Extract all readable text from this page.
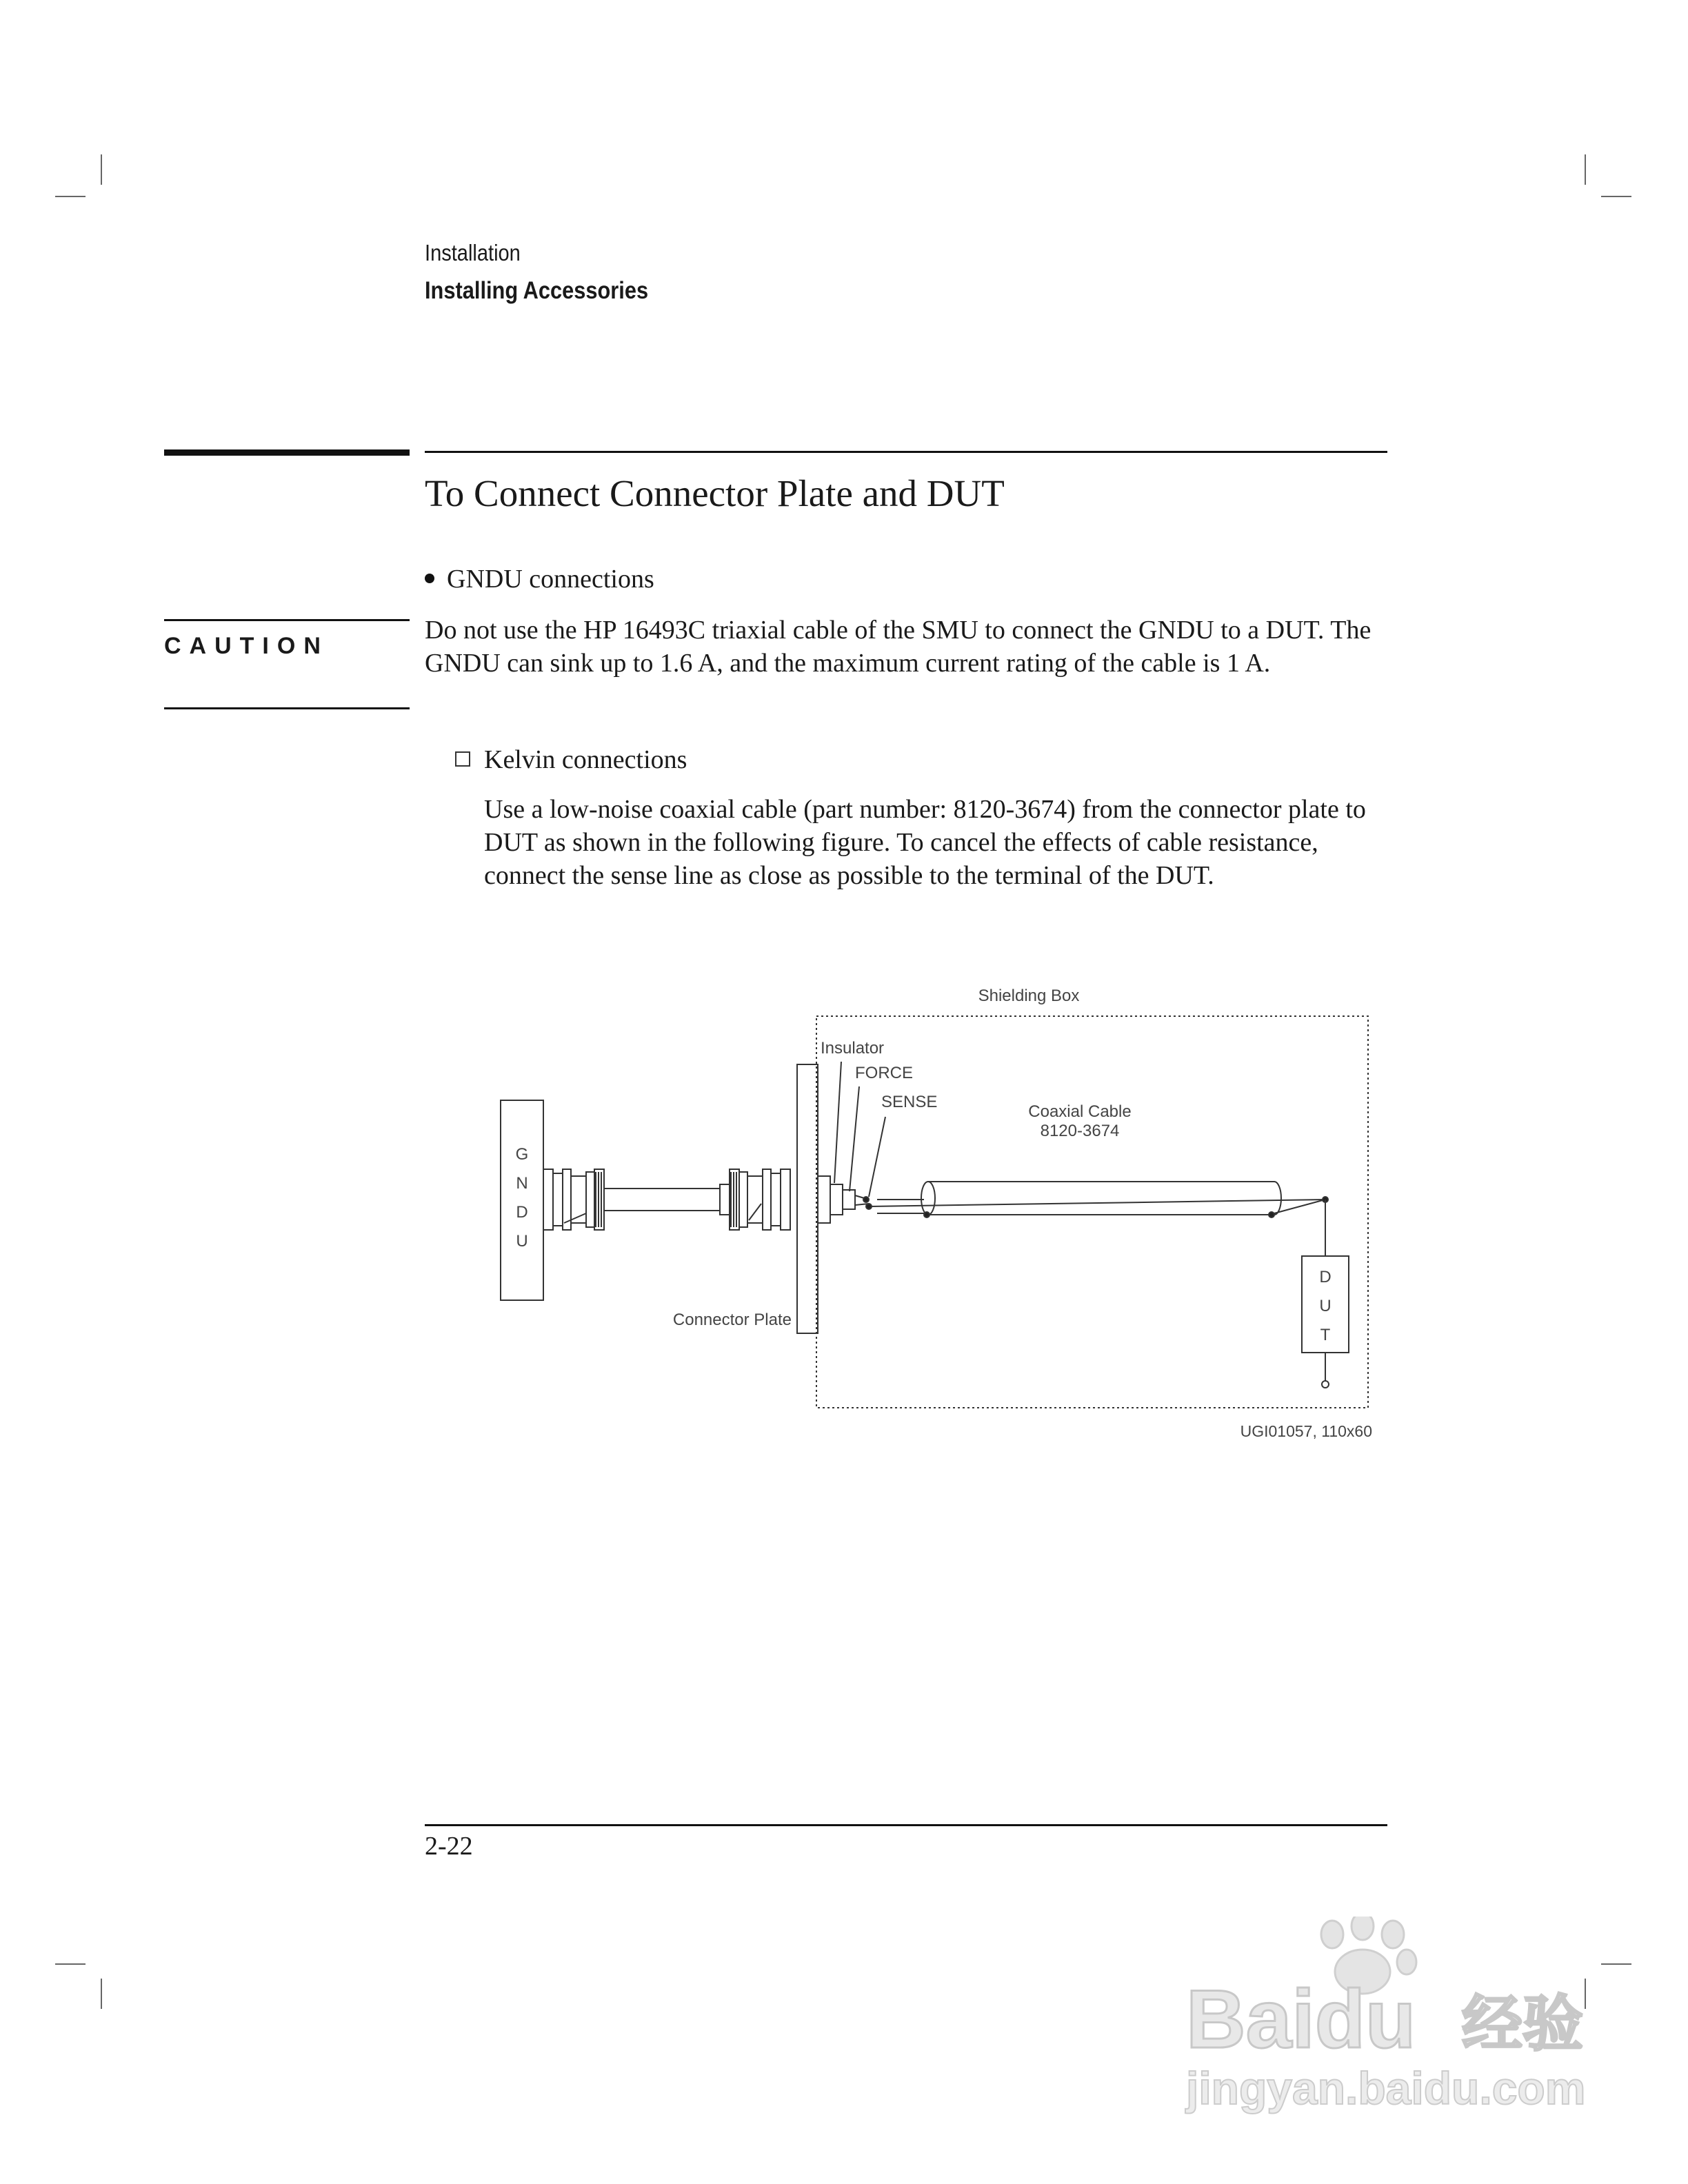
Installation
Installing Accessories
To Connect Connector Plate and DUT
GNDU connections
CAUTION
Do not use the HP 16493C triaxial cable of the SMU to connect the GNDU to a DUT. The GNDU can sink up to 1.6 A, and the maximum current rating of the cable is 1 A.
Kelvin connections
Use a low-noise coaxial cable (part number: 8120-3674) from the connector plate to DUT as shown in the following figure. To cancel the effects of cable resistance, connect the sense line as close as possible to the terminal of the DUT.
Shielding Box
G
N
D
U
Connector Plate
Insulator
FORCE
SENSE
Coaxial Cable
8120-3674
D
U
T
UGI01057, 110x60
2-22
Baidu 经验
jingyan.baidu.com
